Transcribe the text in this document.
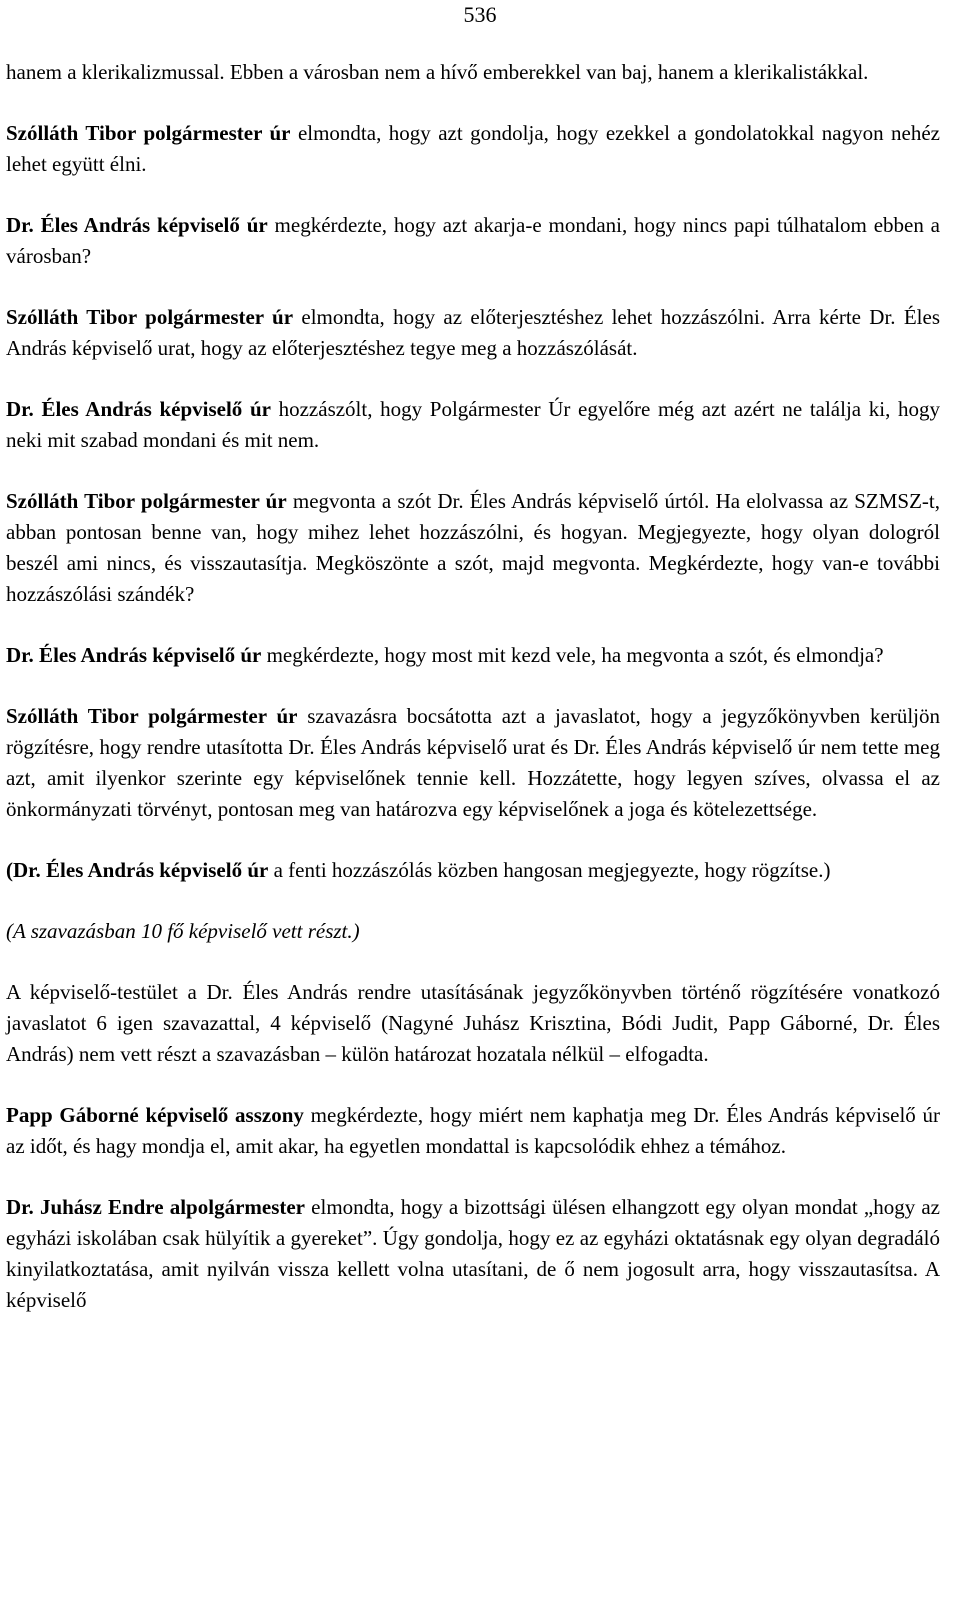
536

hanem a klerikalizmussal. Ebben a városban nem a hívő emberekkel van baj, hanem a klerikalistákkal.

Szólláth Tibor polgármester úr elmondta, hogy azt gondolja, hogy ezekkel a gondolatokkal nagyon nehéz lehet együtt élni.

Dr. Éles András képviselő úr megkérdezte, hogy azt akarja-e mondani, hogy nincs papi túlhatalom ebben a városban?

Szólláth Tibor polgármester úr elmondta, hogy az előterjesztéshez lehet hozzászólni. Arra kérte Dr. Éles András képviselő urat, hogy az előterjesztéshez tegye meg a hozzászólását.

Dr. Éles András képviselő úr hozzászólt, hogy Polgármester Úr egyelőre még azt azért ne találja ki, hogy neki mit szabad mondani és mit nem.

Szólláth Tibor polgármester úr megvonta a szót Dr. Éles András képviselő úrtól. Ha elolvassa az SZMSZ-t, abban pontosan benne van, hogy mihez lehet hozzászólni, és hogyan. Megjegyezte, hogy olyan dologról beszél ami nincs, és visszautasítja. Megköszönte a szót, majd megvonta. Megkérdezte, hogy van-e további hozzászólási szándék?

Dr. Éles András képviselő úr megkérdezte, hogy most mit kezd vele, ha megvonta a szót, és elmondja?

Szólláth Tibor polgármester úr szavazásra bocsátotta azt a javaslatot, hogy a jegyzőkönyvben kerüljön rögzítésre, hogy rendre utasította Dr. Éles András képviselő urat és Dr. Éles András képviselő úr nem tette meg azt, amit ilyenkor szerinte egy képviselőnek tennie kell. Hozzátette, hogy legyen szíves, olvassa el az önkormányzati törvényt, pontosan meg van határozva egy képviselőnek a joga és kötelezettsége.

(Dr. Éles András képviselő úr a fenti hozzászólás közben hangosan megjegyezte, hogy rögzítse.)

(A szavazásban 10 fő képviselő vett részt.)

A képviselő-testület a Dr. Éles András rendre utasításának jegyzőkönyvben történő rögzítésére vonatkozó javaslatot 6 igen szavazattal, 4 képviselő (Nagyné Juhász Krisztina, Bódi Judit, Papp Gáborné, Dr. Éles András) nem vett részt a szavazásban – külön határozat hozatala nélkül – elfogadta.

Papp Gáborné képviselő asszony megkérdezte, hogy miért nem kaphatja meg Dr. Éles András képviselő úr az időt, és hagy mondja el, amit akar, ha egyetlen mondattal is kapcsolódik ehhez a témához.

Dr. Juhász Endre alpolgármester elmondta, hogy a bizottsági ülésen elhangzott egy olyan mondat „hogy az egyházi iskolában csak hülyítik a gyereket”. Úgy gondolja, hogy ez az egyházi oktatásnak egy olyan degradáló kinyilatkoztatása, amit nyilván vissza kellett volna utasítani, de ő nem jogosult arra, hogy visszautasítsa. A képviselő
